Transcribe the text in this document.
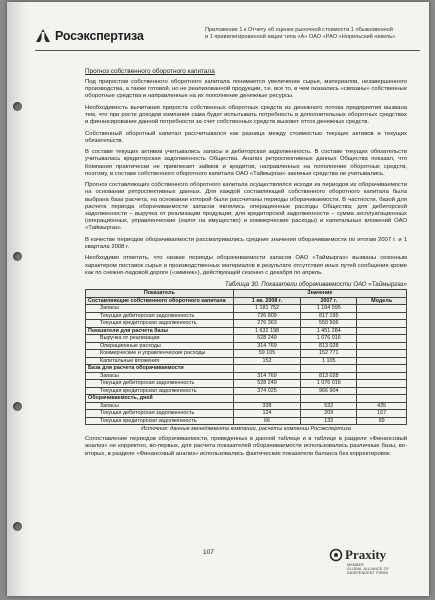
Росэкспертиза	Приложение 1 к Отчету об оценке рыночной стоимости 1 обыкновенной
и 1 привилегированной акции типа «А» ОАО «РАО «Норильский никель»
Прогноз собственного оборотного капитала

Под приростом собственного оборотного капитала понимается увеличение сырья, материалов, незавершенного производства, а также готовой, но не реализованной продукции, т.е. все то, в чем оказались «связаны» собственные оборотные средства и направленные на их пополнение денежные ресурсы.

Необходимость вычитания прироста собственных оборотных средств из денежного потока предприятия вызвана тем, что при росте доходов компания сама будет испытывать потребность в дополнительных оборотных средствах и финансирование данной потребности за счет собственных средств вызовет отток денежных средств.

Собственный оборотный капитал рассчитывался как разница между стоимостью текущих активов и текущих обязательств.

В составе текущих активов учитывались запасы и дебиторская задолженность. В составе текущих обязательств учитывалась кредиторская задолженность Общества. Анализ ретроспективных данных Общества показал, что Компания практически не привлекает займов и кредитов, направленных на пополнение оборотных средств, поэтому, в составе собственного оборотного капитала ОАО «Таймыргаз» заемные средства не учитывались.

Прогноз составляющих собственного оборотного капитала осуществлялся исходя из периодов их оборачиваемости на основании ретроспективных данных. Для каждой составляющей собственного оборотного капитала была выбрана база расчета, на основании которой были рассчитаны периоды оборачиваемости. В частности, базой для расчета периода оборачиваемости запасов являлись операционные расходы Общества; для дебиторской задолженности – выручка от реализации продукции; для кредиторской задолженности – сумма эксплуатационных (операционных, управленческие (налог на имущество) и коммерческие расходы) и капитальных вложений ОАО «Таймыргаз».

В качестве периодов оборачиваемости рассматривались средние значения оборачиваемости по итогам 2007 г. и 1 квартала 2008 г.

Необходимо отметить, что низкие периоды оборачиваемости запасов ОАО «Таймыргаз» вызваны сезонным характером поставок сырья и производственных материалов в результате отсутствия иных путей сообщения кроме как по снежно-ледовой дороге («зимник»), действующей сезонно с декабря по апрель.

Таблица 30. Показатели оборачиваемости ОАО «Таймыргаз»
Показатель	Значение		
Составляющие собственного оборотного капитала	1 кв. 2008 г.	2007 г.	Модель
Запасы	1 181 752	1 184 595	
Текущая дебиторская задолженность	726 809	817 195	
Текущая кредиторская задолженность	276 363	550 506	
Показатели для расчета базы	1 632 198	1 451 284	
Выручка от реализации	528 249	1 076 016	
Операционные расходы	314 769	813 028	
Коммерческие и управленческие расходы	59 105	152 771	
Капитальные вложения	152	1 105	
База для расчета оборачиваемости			
Запасы	314 769	813 028	
Текущая дебиторская задолженность	528 249	1 076 016	
Текущая кредиторская задолженность	374 025	966 904	
Оборачиваемость, дней			
Запасы	338	532	435
Текущая дебиторская задолженность	124	209	167
Текущая кредиторская задолженность	66	132	99
Источник: данные менеджмента компании, расчеты компании Росэкспертиза

Сопоставление периодов оборачиваемости, приведенных в данной таблице и в таблице в разделе «Финансовый анализ» не корректно, во-первых, для расчета показателей оборачиваемости использовались различные базы, во-вторых, в разделе «Финансовый анализ» использовались фактические показатели баланса без корректировок.

107	Praxity
MEMBER
GLOBAL ALLIANCE OF
INDEPENDENT FIRMS
